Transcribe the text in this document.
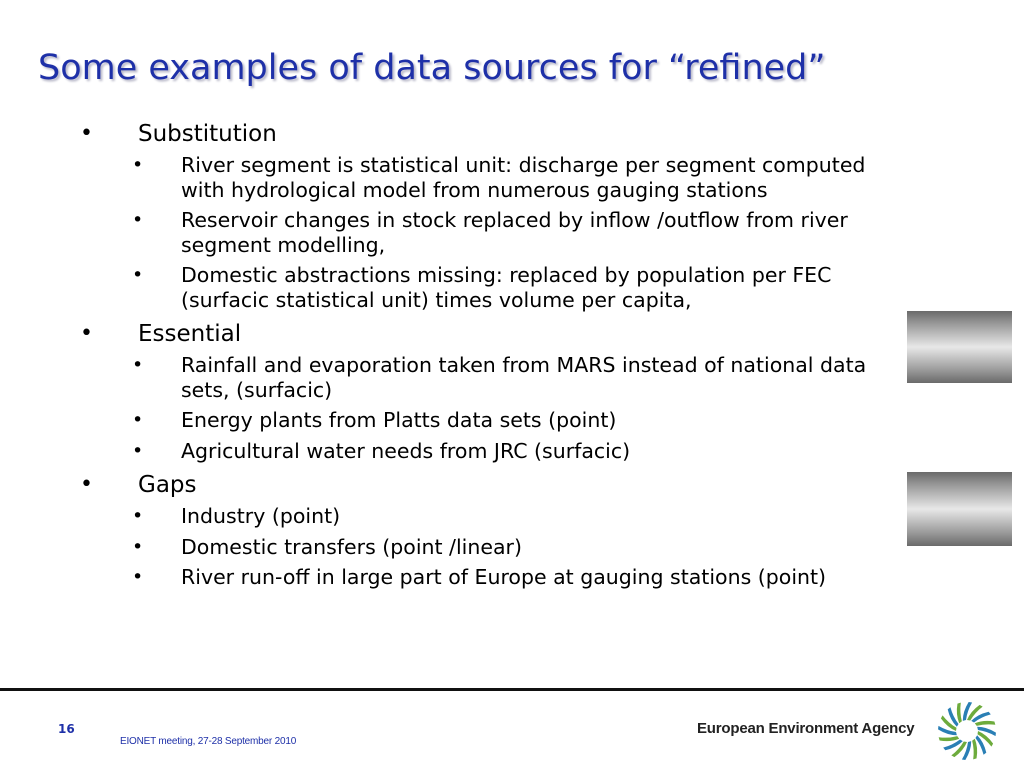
Some examples of data sources for “refined”
• Substitution
• River segment is statistical unit: discharge per segment computed with hydrological model from numerous gauging stations
• Reservoir changes in stock replaced by inflow /outflow from river segment modelling,
• Domestic abstractions missing: replaced by population per FEC (surfacic statistical unit) times volume per capita,
• Essential
• Rainfall and evaporation taken from MARS instead of national data sets, (surfacic)
• Energy plants from Platts data sets (point)
• Agricultural water needs from JRC (surfacic)
• Gaps
• Industry (point)
• Domestic transfers (point /linear)
• River run-off in large part of Europe at gauging stations (point)
16
EIONET meeting, 27-28 September 2010
European Environment Agency
